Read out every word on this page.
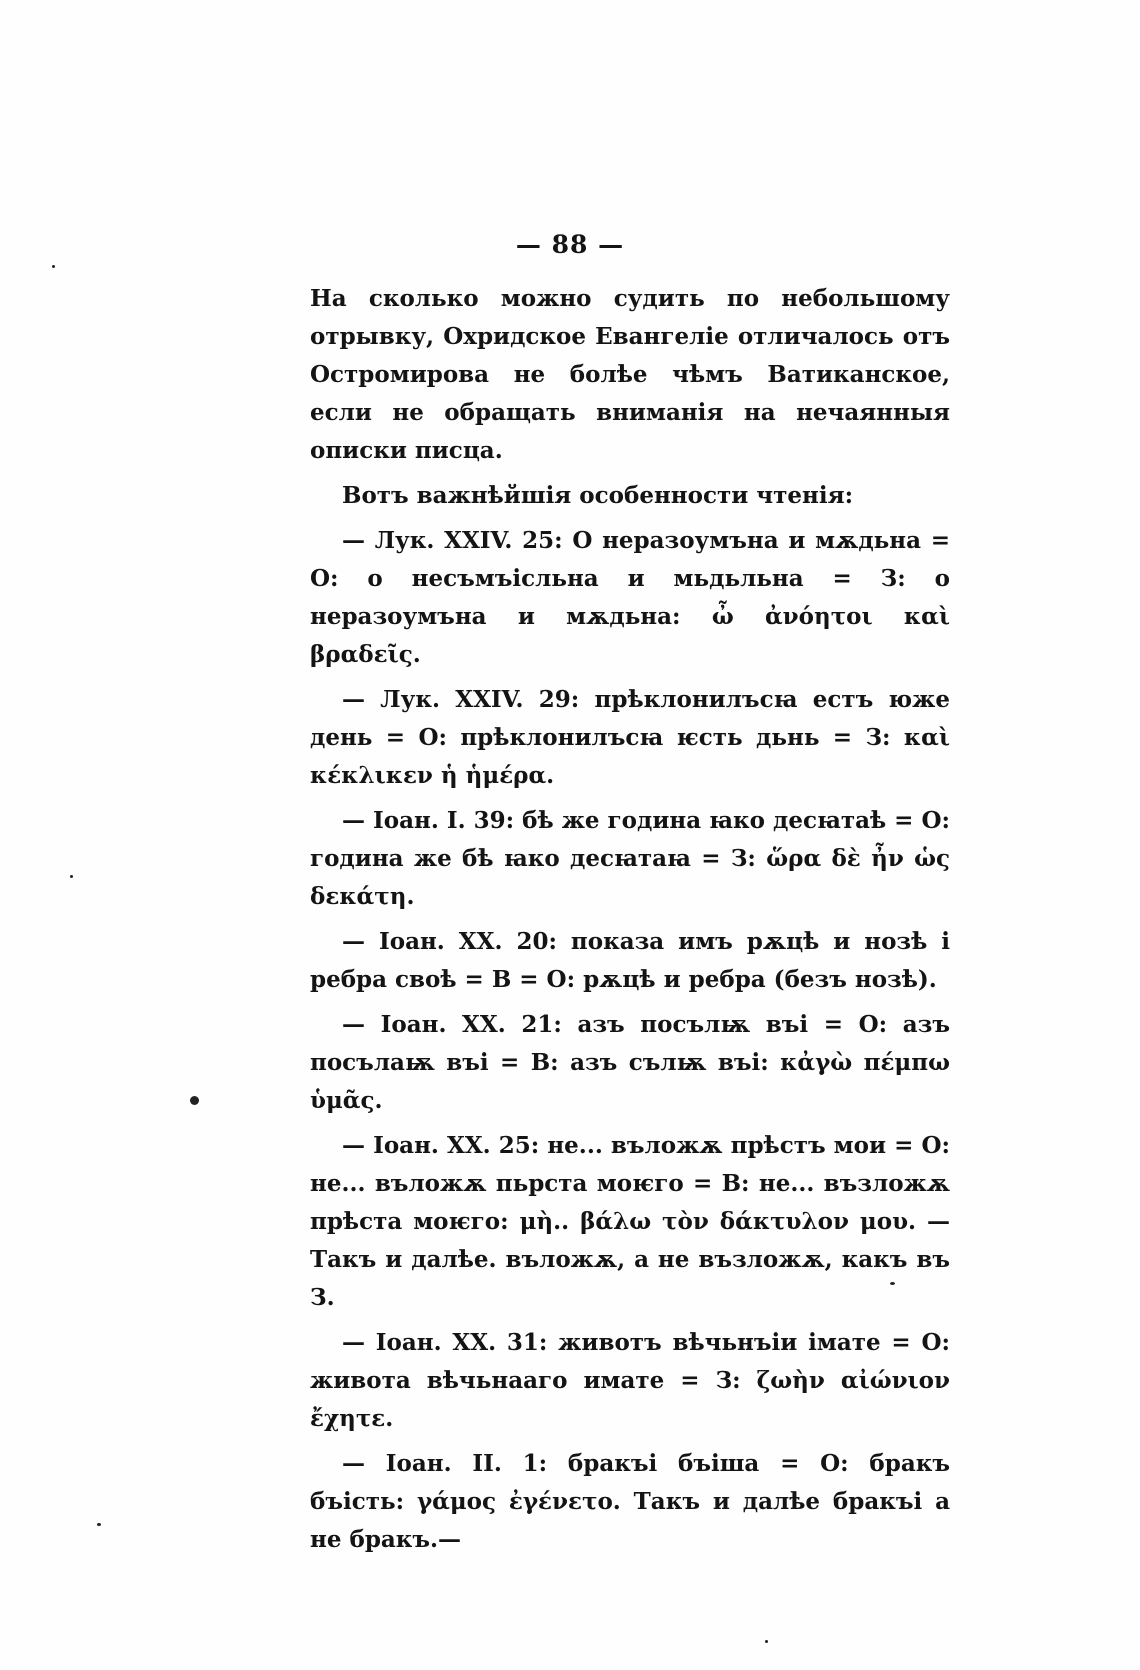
— 88 —

На сколько можно судить по небольшому отрывку, Охридское Евангеліе отличалось отъ Остромирова не болѣе чѣмъ Ватиканское, если не обращать вниманія на нечаянныя описки писца.

Вотъ важнѣйшія особенности чтенія:

— Лук. XXIV. 25: О неразоумъна и мѫдьна = О: о несъмъісльна и мьдьльна = З: о неразоумъна и мѫдьна: ὦ ἀνόητοι καὶ βραδεῖς.

— Лук. XXIV. 29: прѣклонилъсꙗ естъ юже день = О: прѣклонилъсꙗ ѥсть дьнь = З: καὶ κέκλικεν ἡ ἡμέρα.

— Іоан. I. 39: бѣ же година ꙗко десꙗтаѣ = О: година же бѣ ꙗко десꙗтаꙗ = З: ὥρα δὲ ἦν ὡς δεκάτη.

— Іоан. XX. 20: показа имъ рѫцѣ и нозѣ і ребра своѣ = В = О: рѫцѣ и ребра (безъ нозѣ).

— Іоан. XX. 21: азъ посълѭ въі = О: азъ посълаѭ въі = В: азъ сълѭ въі: κἀγὼ πέμπω ὑμᾶς.

— Іоан. XX. 25: не... въложѫ прѣстъ мои = О: не... въложѫ пьрста моѥго = В: не... възложѫ прѣста моѥго: μὴ.. βάλω τὸν δάκτυλον μου. — Такъ и далѣе. въложѫ, а не възложѫ, какъ въ З.

— Іоан. XX. 31: животъ вѣчьнъіи імате = О: живота вѣчьнааго имате = З: ζωὴν αἰώνιον ἔχητε.

— Іоан. II. 1: бракъі бъіша = О: бракъ бъість: γάμος ἐγένετο. Такъ и далѣе бракъі а не бракъ.—
